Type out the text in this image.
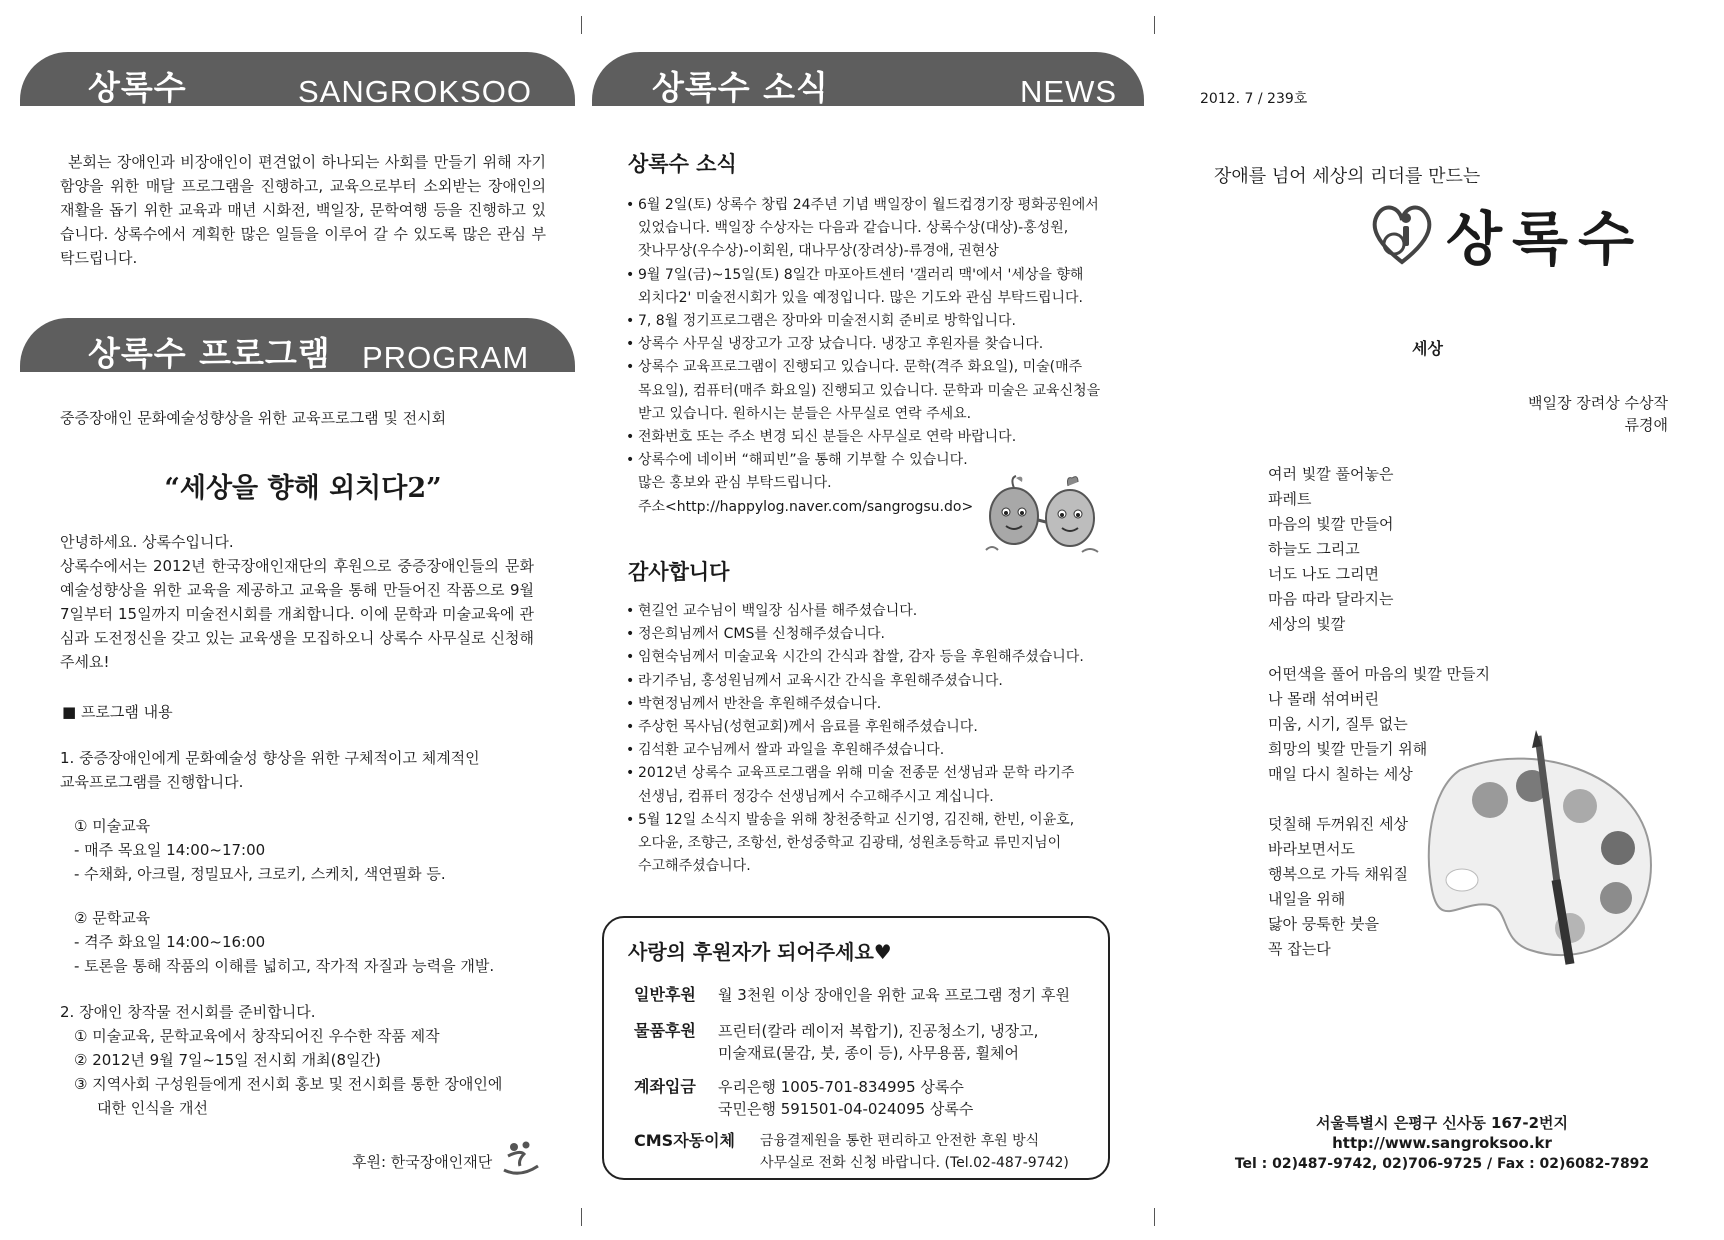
상록수	SANGROKSOO
본회는 장애인과 비장애인이 편견없이 하나되는 사회를 만들기 위해 자기함양을 위한 매달 프로그램을 진행하고, 교육으로부터 소외받는 장애인의 재활을 돕기 위한 교육과 매년 시화전, 백일장, 문학여행 등을 진행하고 있습니다. 상록수에서 계획한 많은 일들을 이루어 갈 수 있도록 많은 관심 부탁드립니다.
상록수 프로그램 PROGRAM
중증장애인 문화예술성향상을 위한 교육프로그램 및 전시회
“세상을 향해 외치다2”
안녕하세요. 상록수입니다.
상록수에서는 2012년 한국장애인재단의 후원으로 중증장애인들의 문화예술성향상을 위한 교육을 제공하고 교육을 통해 만들어진 작품으로 9월 7일부터 15일까지 미술전시회를 개최합니다. 이에 문학과 미술교육에 관심과 도전정신을 갖고 있는 교육생을 모집하오니 상록수 사무실로 신청해주세요!
■ 프로그램 내용
1. 중증장애인에게 문화예술성 향상을 위한 구체적이고 체계적인
교육프로그램를 진행합니다.
① 미술교육
- 매주 목요일 14:00~17:00
- 수채화, 아크릴, 정밀묘사, 크로키, 스케치, 색연필화 등.
② 문학교육
- 격주 화요일 14:00~16:00
- 토론을 통해 작품의 이해를 넓히고, 작가적 자질과 능력을 개발.
2. 장애인 창작물 전시회를 준비합니다.
① 미술교육, 문학교육에서 창작되어진 우수한 작품 제작
② 2012년 9월 7일~15일 전시회 개최(8일간)
③ 지역사회 구성원들에게 전시회 홍보 및 전시회를 통한 장애인에
대한 인식을 개선
후원: 한국장애인재단
상록수 소식	NEWS
상록수 소식
• 6월 2일(토) 상록수 창립 24주년 기념 백일장이 월드컵경기장 평화공원에서
있었습니다. 백일장 수상자는 다음과 같습니다. 상록수상(대상)-홍성원,
잣나무상(우수상)-이회원, 대나무상(장려상)-류경애, 권현상
• 9월 7일(금)~15일(토) 8일간 마포아트센터 '갤러리 맥'에서 '세상을 향해
외치다2' 미술전시회가 있을 예정입니다. 많은 기도와 관심 부탁드립니다.
• 7, 8월 정기프로그램은 장마와 미술전시회 준비로 방학입니다.
• 상록수 사무실 냉장고가 고장 났습니다. 냉장고 후원자를 찾습니다.
• 상록수 교육프로그램이 진행되고 있습니다. 문학(격주 화요일), 미술(매주
목요일), 컴퓨터(매주 화요일) 진행되고 있습니다. 문학과 미술은 교육신청을
받고 있습니다. 원하시는 분들은 사무실로 연락 주세요.
• 전화번호 또는 주소 변경 되신 분들은 사무실로 연락 바랍니다.
• 상록수에 네이버 “해피빈”을 통해 기부할 수 있습니다.
많은 홍보와 관심 부탁드립니다.
주소<http://happylog.naver.com/sangrogsu.do>
감사합니다
• 현길언 교수님이 백일장 심사를 해주셨습니다.
• 정은희님께서 CMS를 신청해주셨습니다.
• 임현숙님께서 미술교육 시간의 간식과 찹쌀, 감자 등을 후원해주셨습니다.
• 라기주님, 홍성원님께서 교육시간 간식을 후원해주셨습니다.
• 박현정님께서 반찬을 후원해주셨습니다.
• 주상헌 목사님(성현교회)께서 음료를 후원해주셨습니다.
• 김석환 교수님께서 쌀과 과일을 후원해주셨습니다.
• 2012년 상록수 교육프로그램을 위해 미술 전종문 선생님과 문학 라기주
선생님, 컴퓨터 정강수 선생님께서 수고해주시고 계십니다.
• 5월 12일 소식지 발송을 위해 창천중학교 신기영, 김진해, 한빈, 이윤호,
오다윤, 조향근, 조항선, 한성중학교 김광태, 성원초등학교 류민지님이
수고해주셨습니다.
사랑의 후원자가 되어주세요♥
일반후원 월 3천원 이상 장애인을 위한 교육 프로그램 정기 후원
물품후원 프린터(칼라 레이저 복합기), 진공청소기, 냉장고,
미술재료(물감, 붓, 종이 등), 사무용품, 휠체어
계좌입금 우리은행 1005-701-834995 상록수
국민은행 591501-04-024095 상록수
CMS자동이체 금융결제원을 통한 편리하고 안전한 후원 방식
사무실로 전화 신청 바랍니다. (Tel.02-487-9742)
2012. 7 / 239호
장애를 넘어 세상의 리더를 만드는
상록수
세상
백일장 장려상 수상작
류경애
여러 빛깔 풀어놓은
파레트
마음의 빛깔 만들어
하늘도 그리고
너도 나도 그리면
마음 따라 달라지는
세상의 빛깔
어떤색을 풀어 마음의 빛깔 만들지
나 몰래 섞여버린
미움, 시기, 질투 없는
희망의 빛깔 만들기 위해
매일 다시 칠하는 세상
덧칠해 두꺼워진 세상
바라보면서도
행복으로 가득 채워질
내일을 위해
닳아 뭉툭한 붓을
꼭 잡는다
서울특별시 은평구 신사동 167-2번지
http://www.sangroksoo.kr
Tel : 02)487-9742, 02)706-9725 / Fax : 02)6082-7892
